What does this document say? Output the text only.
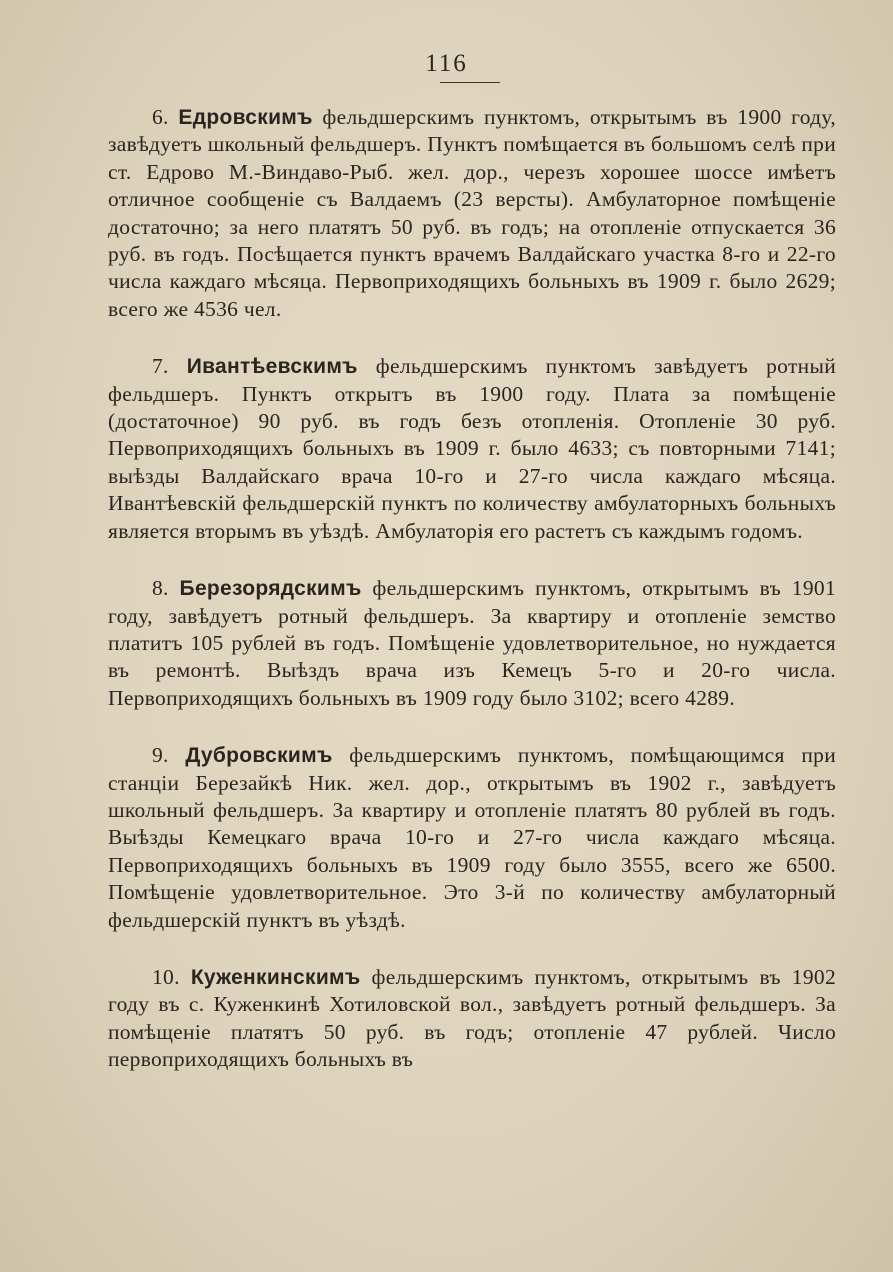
116

6. Едровскимъ фельдшерскимъ пунктомъ, открытымъ въ 1900 году, завѣдуетъ школьный фельдшеръ. Пунктъ помѣщается въ большомъ селѣ при ст. Едрово М.-Виндаво-Рыб. жел. дор., черезъ хорошее шоссе имѣетъ отличное сообщеніе съ Валдаемъ (23 версты). Амбулаторное помѣщеніе достаточно; за него платятъ 50 руб. въ годъ; на отопленіе отпускается 36 руб. въ годъ. Посѣщается пунктъ врачемъ Валдайскаго участка 8-го и 22-го числа каждаго мѣсяца. Первоприходящихъ больныхъ въ 1909 г. было 2629; всего же 4536 чел.

7. Ивантѣевскимъ фельдшерскимъ пунктомъ завѣдуетъ ротный фельдшеръ. Пунктъ открытъ въ 1900 году. Плата за помѣщеніе (достаточное) 90 руб. въ годъ безъ отопленія. Отопленіе 30 руб. Первоприходящихъ больныхъ въ 1909 г. было 4633; съ повторными 7141; выѣзды Валдайскаго врача 10-го и 27-го числа каждаго мѣсяца. Ивантѣевскій фельдшерскій пунктъ по количеству амбулаторныхъ больныхъ является вторымъ въ уѣздѣ. Амбулаторія его растетъ съ каждымъ годомъ.

8. Березорядскимъ фельдшерскимъ пунктомъ, открытымъ въ 1901 году, завѣдуетъ ротный фельдшеръ. За квартиру и отопленіе земство платитъ 105 рублей въ годъ. Помѣщеніе удовлетворительное, но нуждается въ ремонтѣ. Выѣздъ врача изъ Кемецъ 5-го и 20-го числа. Первоприходящихъ больныхъ въ 1909 году было 3102; всего 4289.

9. Дубровскимъ фельдшерскимъ пунктомъ, помѣщающимся при станціи Березайкѣ Ник. жел. дор., открытымъ въ 1902 г., завѣдуетъ школьный фельдшеръ. За квартиру и отопленіе платятъ 80 рублей въ годъ. Выѣзды Кемецкаго врача 10-го и 27-го числа каждаго мѣсяца. Первоприходящихъ больныхъ въ 1909 году было 3555, всего же 6500. Помѣщеніе удовлетворительное. Это 3-й по количеству амбулаторный фельдшерскій пунктъ въ уѣздѣ.

10. Куженкинскимъ фельдшерскимъ пунктомъ, открытымъ въ 1902 году въ с. Куженкинѣ Хотиловской вол., завѣдуетъ ротный фельдшеръ. За помѣщеніе платятъ 50 руб. въ годъ; отопленіе 47 рублей. Число первоприходящихъ больныхъ въ
